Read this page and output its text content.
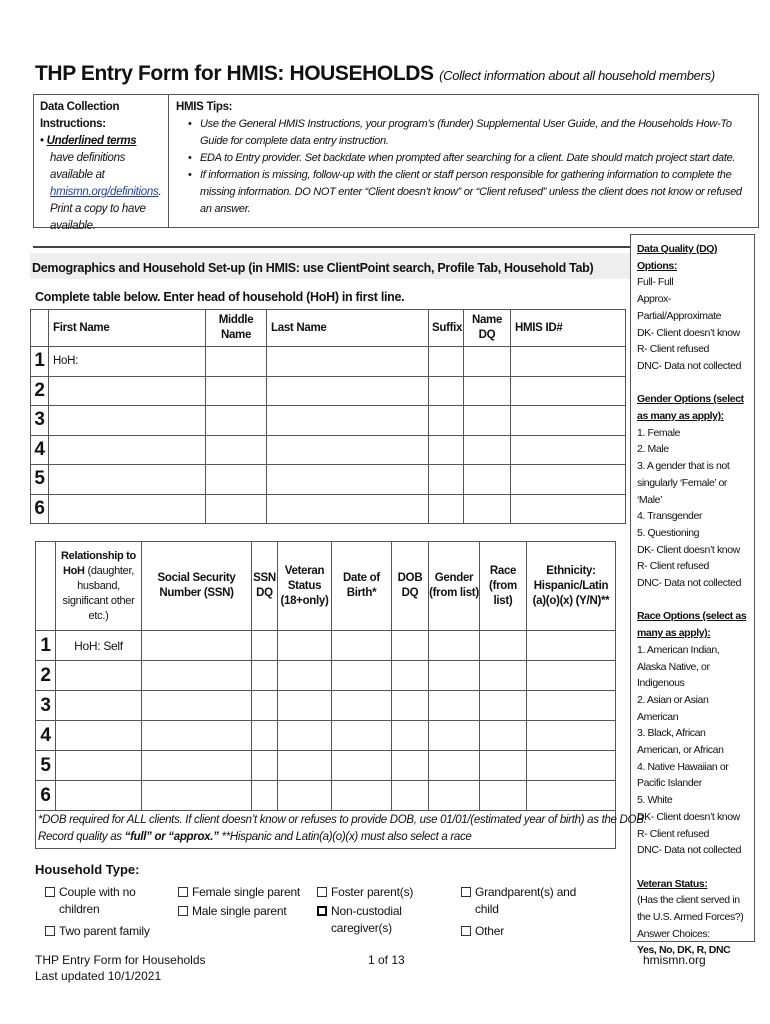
THP Entry Form for HMIS: HOUSEHOLDS (Collect information about all household members)
Data Collection Instructions:
• Underlined terms have definitions available at hmismn.org/definitions. Print a copy to have available.
HMIS Tips:
• Use the General HMIS Instructions, your program’s (funder) Supplemental User Guide, and the Households How-To Guide for complete data entry instruction.
• EDA to Entry provider. Set backdate when prompted after searching for a client. Date should match project start date.
• If information is missing, follow-up with the client or staff person responsible for gathering information to complete the missing information. DO NOT enter “Client doesn’t know” or “Client refused” unless the client does not know or refused an answer.
Demographics and Household Set-up (in HMIS: use ClientPoint search, Profile Tab, Household Tab)
Complete table below. Enter head of household (HoH) in first line.
	First Name	Middle Name	Last Name	Suffix	Name DQ	HMIS ID#
1	HoH:					
2						
3						
4						
5						
6						
	Relationship to HoH (daughter, husband, significant other etc.)	Social Security Number (SSN)	SSN DQ	Veteran Status (18+only)	Date of Birth*	DOB DQ	Gender (from list)	Race (from list)	Ethnicity: Hispanic/Latin (a)(o)(x) (Y/N)**
1	HoH: Self								
2									
3									
4									
5									
6									

*DOB required for ALL clients. If client doesn’t know or refuses to provide DOB, use 01/01/(estimated year of birth) as the DOB.
Record quality as “full” or “approx.” **Hispanic and Latin(a)(o)(x) must also select a race
Household Type:
Couple with no children
Two parent family
Female single parent
Male single parent
Foster parent(s)
Non-custodial caregiver(s)
Grandparent(s) and child
Other
Data Quality (DQ) Options:
Full- Full
Approx- Partial/Approximate
DK- Client doesn’t know
R- Client refused
DNC- Data not collected
Gender Options (select as many as apply):
1. Female
2. Male
3. A gender that is not singularly ‘Female’ or ‘Male’
4. Transgender
5. Questioning
DK- Client doesn’t know
R- Client refused
DNC- Data not collected
Race Options (select as many as apply):
1. American Indian, Alaska Native, or Indigenous
2. Asian or Asian American
3. Black, African American, or African
4. Native Hawaiian or Pacific Islander
5. White
DK- Client doesn’t know
R- Client refused
DNC- Data not collected
Veteran Status:
(Has the client served in the U.S. Armed Forces?) Answer Choices:
Yes, No, DK, R, DNC
THP Entry Form for Households
Last updated 10/1/2021
1 of 13	hmismn.org
